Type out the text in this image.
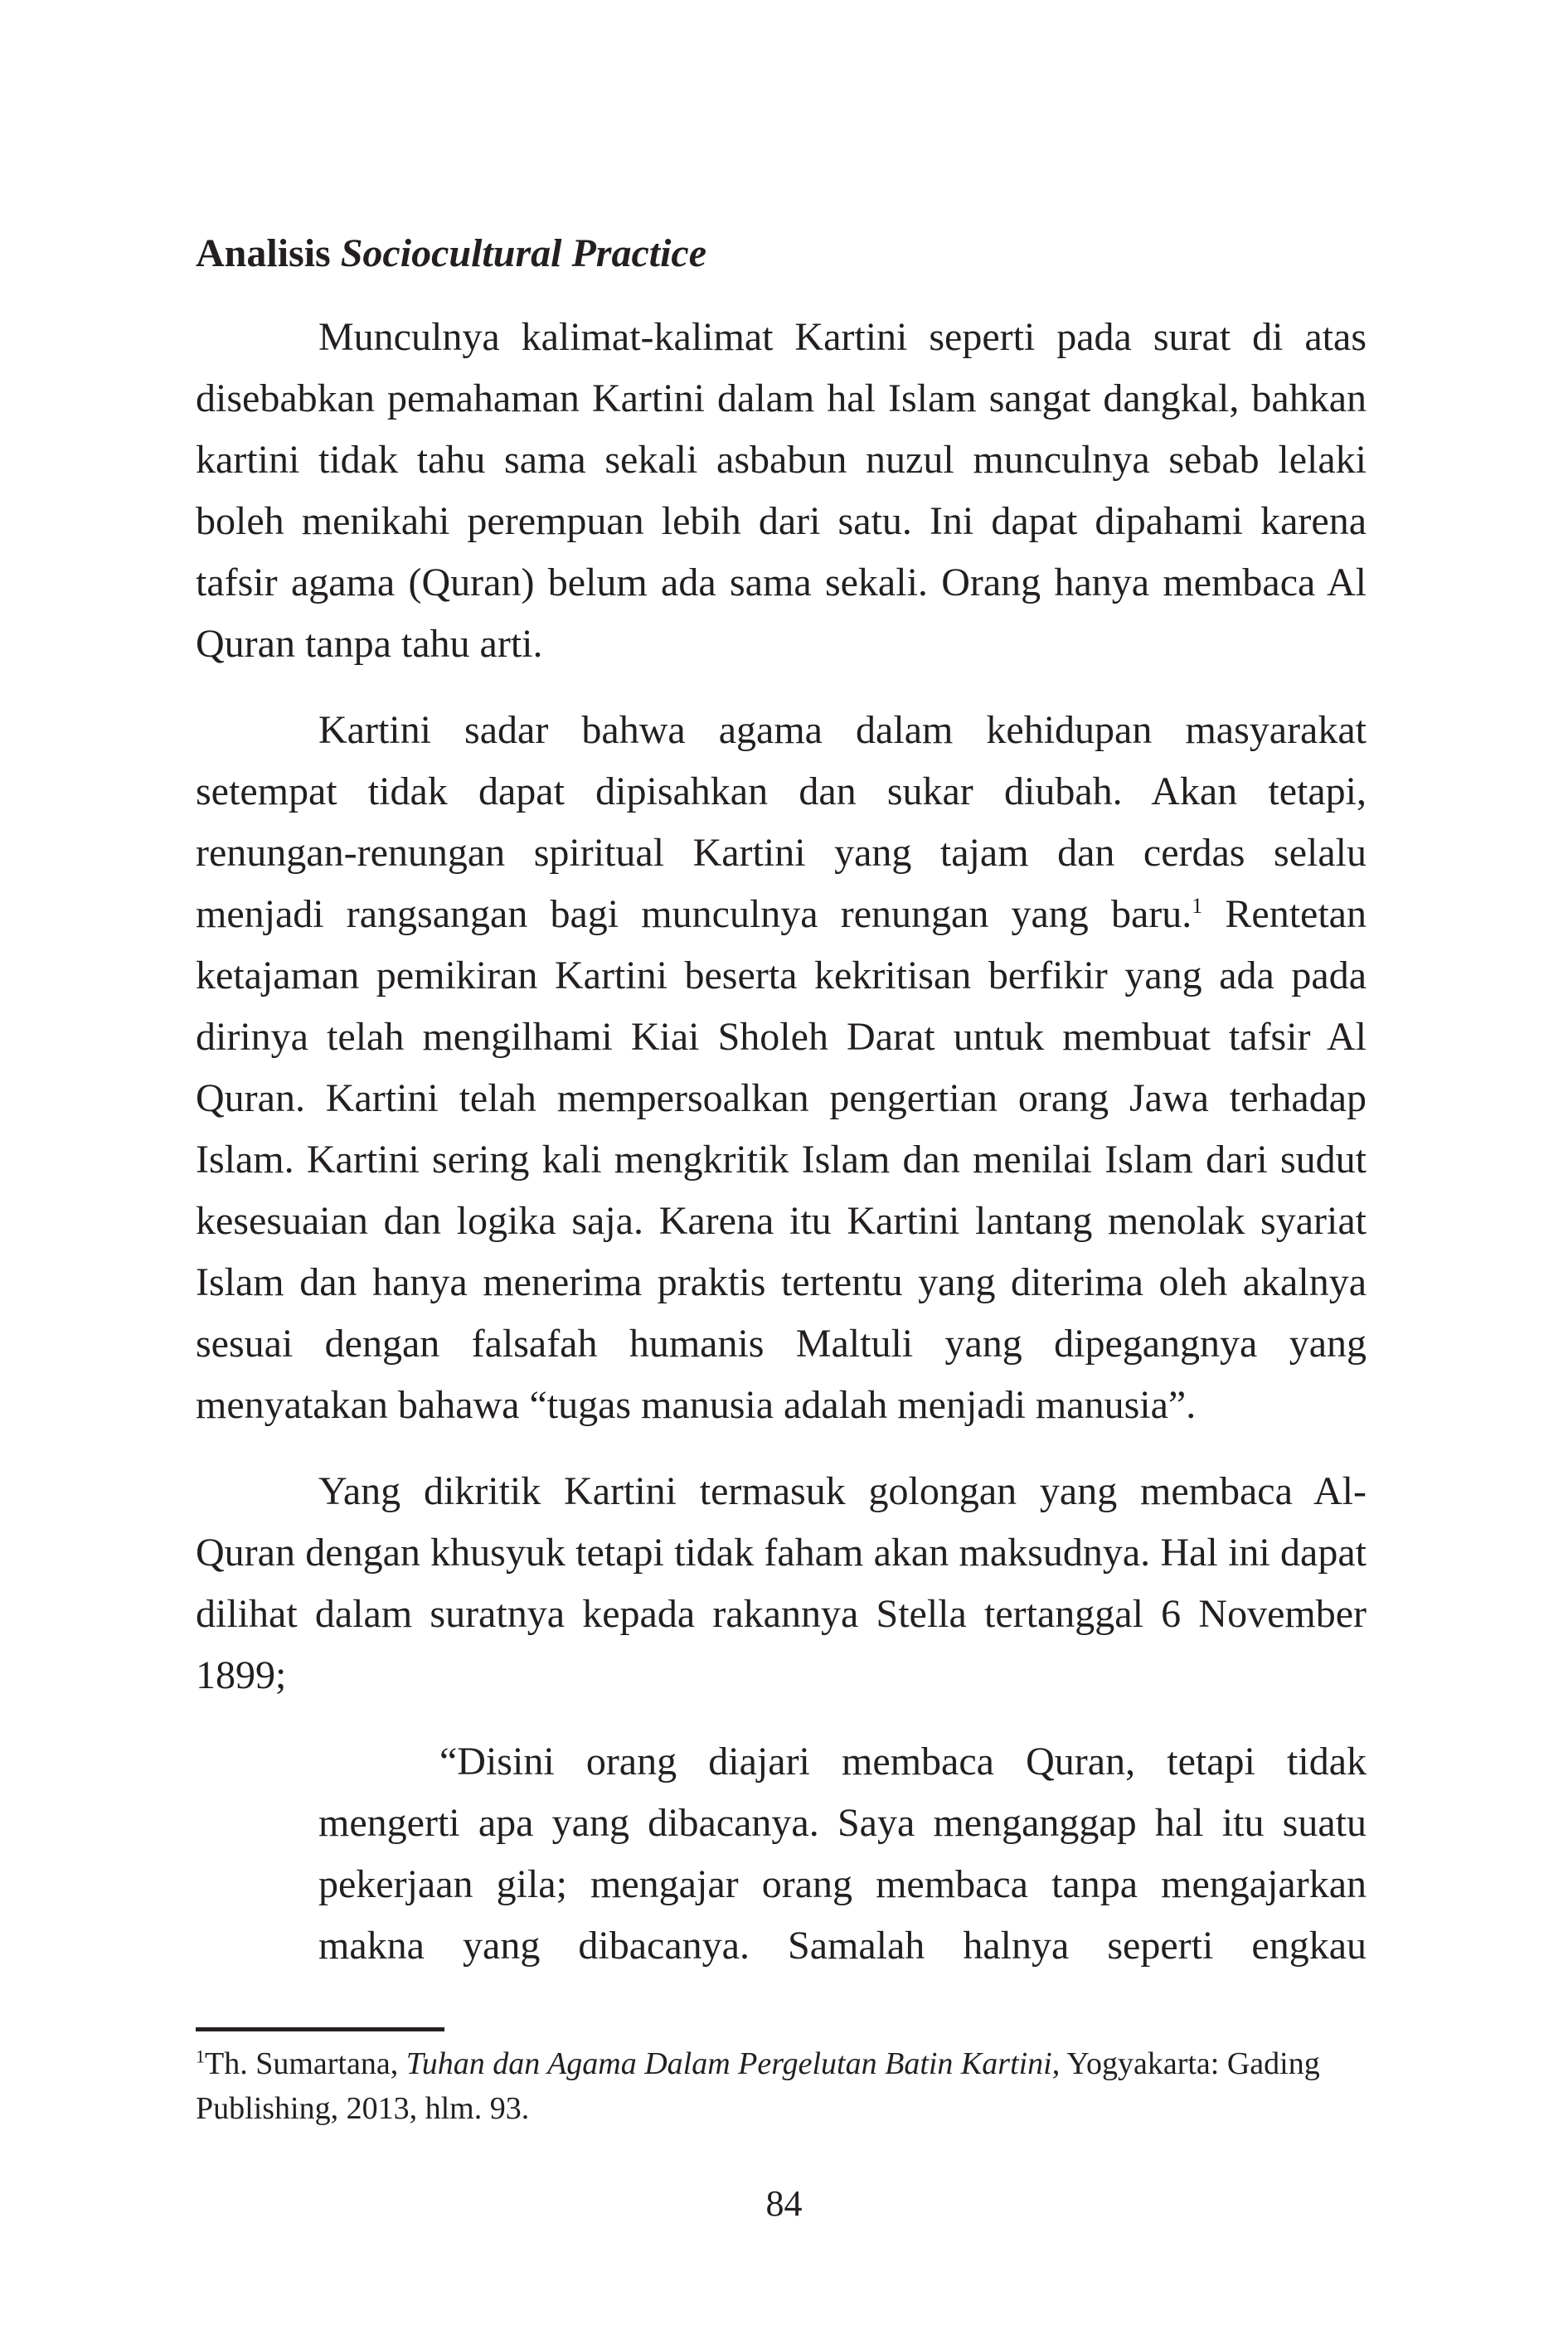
Analisis Sociocultural Practice

Munculnya kalimat-kalimat Kartini seperti pada surat di atas disebabkan pemahaman Kartini dalam hal Islam sangat dangkal, bahkan kartini tidak tahu sama sekali asbabun nuzul munculnya sebab lelaki boleh menikahi perempuan lebih dari satu. Ini dapat dipahami karena tafsir agama (Quran) belum ada sama sekali. Orang hanya membaca Al Quran tanpa tahu arti.

Kartini sadar bahwa agama dalam kehidupan masyarakat setempat tidak dapat dipisahkan dan sukar diubah. Akan tetapi, renungan-renungan spiritual Kartini yang tajam dan cerdas selalu menjadi rangsangan bagi munculnya renungan yang baru.$^1$ Rentetan ketajaman pemikiran Kartini beserta kekritisan berfikir yang ada pada dirinya telah mengilhami Kiai Sholeh Darat untuk membuat tafsir Al Quran. Kartini telah mempersoalkan pengertian orang Jawa terhadap Islam. Kartini sering kali mengkritik Islam dan menilai Islam dari sudut kesesuaian dan logika saja. Karena itu Kartini lantang menolak syariat Islam dan hanya menerima praktis tertentu yang diterima oleh akalnya sesuai dengan falsafah humanis Maltuli yang dipegangnya yang menyatakan bahawa “tugas manusia adalah menjadi manusia”.

Yang dikritik Kartini termasuk golongan yang membaca Al-Quran dengan khusyuk tetapi tidak faham akan maksudnya. Hal ini dapat dilihat dalam suratnya kepada rakannya Stella tertanggal 6 November 1899;

“Disini orang diajari membaca Quran, tetapi tidak mengerti apa yang dibacanya. Saya menganggap hal itu suatu pekerjaan gila; mengajar orang membaca tanpa mengajarkan makna yang dibacanya. Samalah halnya seperti engkau

$^1$Th. Sumartana, Tuhan dan Agama Dalam Pergelutan Batin Kartini, Yogyakarta: Gading Publishing, 2013, hlm. 93.
84
